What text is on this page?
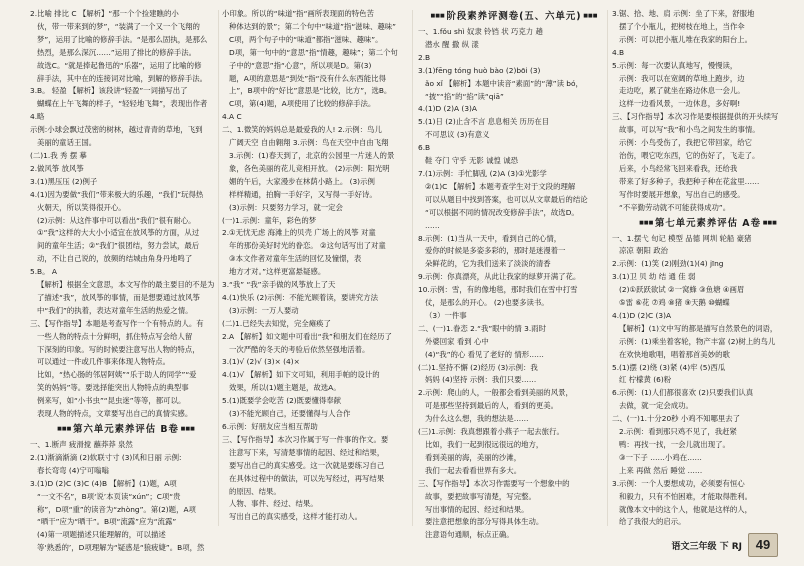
2.比喻 排比 C 【解析】“那一个个捡建瞧的小
伙，带一带来到的梦”，“装满了一个又一个飞翔的
梦”，运用了比喻的修辞手法。“是那么固执，是那么
热烈，是那么深沉……”运用了排比的修辞手法。
故选C。“就是捧起鲁迅的“乐器”，运用了比喻的修
辞手法，其中在的连接词对比喻，到解的修辞手法。
3.B。 轻盈 【解析】该段讲“轻盈”一词描写出了
蝴蝶在上午飞舞的样子，“轻轻地飞舞”，表现出作者
4.略
示例:小球会飘过茂密的树林，越过青青的草地，飞到
美丽的童话王国。
(二)1.我 秀 摆 摹
2.做风筝 放风筝
3.(1)黑压压 (2)例子
4.(1)因为要做“我们”带来极大的乐趣，“我们”玩得热
火朝天，所以笑得很开心。
(2)示例：从这件事中可以看出“我们”很有耐心。
①“我”这样的大大小小适宜在放风筝的方面，从过
间的童年生活；②“我们”很团结，努力尝试，最后
动，不让自己说的，放频的结城由角身丹地鸣了
5.B。 A
【解析】根据全文意思，本文写作的最主要目的不是为
了描述“我”，放风筝的事情，而是想要通过放风筝
中“我们”的执着，表达对童年生活的热爱之情。
三、【写作指导】本题是考查写作一个有特点的人。有
一些人物的特点十分鲜明，抓住特点写会给人留
下深刻的印象。写的时候要注意写出人物的特点，
可以通过一件或几件事来体现人物特点。
比如，“热心肠的邻居阿姨”“乐于助人的同学”“爱
笑的妈妈”等。要选择能突出人物特点的典型事
例来写，如“小书虫”“昆虫迷”等等，都可以。
表现人物的特点，文章要写出自己的真情实感。
■■■ 第六单元素养评估 B卷 ■■■
一、1.断声 疲滑搅 蘸莽莽 泉然
2.(1)渐滴渐滴 (2)软联寸寸 (3)风和日丽 示例:
春长弯弯 (4)宁可嗡嗡
3.(1)D (2)C (3)C (4)B 【解析】(1)题，A项
“一文不名”，B项‘说’本页读“xún”；C项“贵
称”，D项“重”的读音为“zhòng”。第(2)题，A项
“晒干”应为“晒干”。B项“流露”应为“流露”
(4)第一项题描述只能理解的，可以描述
等‘熟悉的’，D项理解为“疑惑是“狼疲婕”。B项，然
小印象。所以的“味道”指“画所表现面的特色苦
种体达到的景”；第二个句中“味道”指“滋味、趣味”
C项，两个句子中的“味道”都指“滋味、趣味”。
D项，第一句中的“意思”指“情趣，趣味”；第二个句
子中的“意思”指“心意”，所以项是D。第(3)
题，A项的意思是“到处”指“没有什么东西能比得
上”，B项中的“好比”意思是“比较，比方”，选B。
C项，第(4)题，A项使用了比较的修辞手法。
4.A C
二、1.微笑的妈妈总是最爱我的人! 2.示例：鸟儿
广阔天空 自由翱翔 3.示例：鸟在天空中自由飞翔
3.示例：(1)春天到了，北京的公园里一片迷人的景
象，各色美丽的花儿竞相开放。 (2)示例：阳光明
媚的午后，大家漫步在林荫小路上。 (3)示例
样样精通，拍胸一手好字，又写得一手好诗。
(3)示例：只要努力学习，就一定会
(一)1.示例：童年，彩色的梦
2.①无忧无虑 海滩上的贝壳 广场上的风筝 对童
年的那份美好时光的眷恋。 ②这句话写出了对童
③本文作者对童年生活的回忆及憧憬，表
地方才对。”这样更富悬疑感。
3.“我” “我”亲手做的风筝放上了天
4.(1)快乐 (2)示例：不能光顾着读，要讲究方法
(3)示例：一万人要动
(二)1.已经失去知觉，完全瘫痪了
2.A 【解析】如文题中可看出“我”和朋友们在经历了
一次严酷的冬天的考验后依然坚强地活着。
3.(1)√ (2)√ (3)× (4)×
4.(1)√ 【解析】如下文可知，利用手帕的设计的
效果，所以(1)题主题是，故选A。
5.(1)既要学会吃苦 (2)既要懂得奉献
(3)不能光顾自己，还要懂得与人合作
6.示例：好朋友应当相互帮助
三、【写作指导】本次习作属于写一件事的作文。要
注意写下来，写清楚事情的起因、经过和结果，
要写出自己的真实感受。这一次就是要练习自己
在具体过程中的做法，可以先写经过，再写结果
的原因、结果。
人物、事件、经过、结果。
写出自己的真实感受，这样才能打动人。
■■■ 阶段素养评测卷(五、六单元) ■■■
一、1.fǒu shì 奴隶 铃铛 状 巧克力 趟
潜水 醒 撒 纵 漾
2.B
3.(1)fēng tóng huò bào (2)bōi (3)
ǎo xǐ 【解析】本题中读音“素面”的“薄”读 bó，
“披”“掐”的“掐”读“qiā”
4.(1)D (2)A (3)A
5.(1)日 (2)止含不言 息息相关 历历在目
不可思议 (3)有意义
6.B
鞋 夺门 守乎 无影 诚惶 诚恐
7.(1)示例：手忙脚乱 (2)A (3)①光影学
②(1)C 【解析】本题考查学生对于文段的理解
可以从题目中找到答案，也可以从文章最后的结论
“可以根据不同的情况改变修辞手法”，故选D。
……
8.示例：(1)当从一天中，看到自己的心情，
爱你的时候是多姿多彩的，那时是迷漫着一
朵鲜花的，它为我们送来了淡淡的清香
9.示例：你真漂亮，从此让我家的绿萝开满了花。
10.示例：雪，有的像地毯，那时我们在雪中打雪
仗，是那么的开心。 (2)也要多读书。
（3）一件事
二、(一)1.眷恋 2.“我”眼中的情 3.雨时
外婆回家 看到 心中
(4)“我”的心 看见了老好的 情形……
(二)1.坚持不懈 (2)经历 (3)示例：我
妈妈 (4)坚持 示例：我们只要……
2.示例：爬山的人，一般都会看到美丽的风景，
可是那些坚持到最后的人，看到的更美。
为什么这么想，我的想法是……
(三)1.示例：我真想跟着小燕子一起去旅行。
比如，我们一起到很远很远的地方，
看到美丽的海，美丽的沙滩，
我们一起去看看世界有多大。
三、【写作指导】本次习作需要写一个想象中的
故事，要把故事写清楚，写完整。
写出事情的起因、经过和结果。
要注意把想象的部分写得具体生动。
注意语句通顺，标点正确。
3.锯、拾、地、肩 示例：坐了下来，舒服地
摆了个小瓶儿，把树枝在地上，当作伞
示例：可以把小瓶儿堆在我家的阳台上。
4.B
5.示例：每一次要认真地写，慢慢读，
示例：我可以在宽阔的草地上跑步，边
走边吃，累了就坐在路边休息一会儿。
这样一边看风景，一边休息，多好啊!
三、【习作指导】本次习作是要根据提供的开头续写
故事，可以写“我”和小鸟之间发生的事情。
示例：小鸟受伤了，我把它带回家，给它
治伤，喂它吃东西，它的伤好了，飞走了。
后来，小鸟经常飞回来看我，还给我
带来了好多种子，我把种子种在花盆里……
写作时要展开想象，写出自己的感受。
“不辛勤劳动就不可能获得成功”。
■■■ 第七单元素养评估 A卷 ■■■
一、1.摆弋 旬记 模型 品德 网圳 轮船 豪猪
凉凉 朝阳 政治
2.示例：(1)笑 (2)刚劲(1)(4) jīng
3.(1)卫 贝 幼 结 通 佳 弱
(2)①跃跃欲试 ②一窝蜂 ③鱼塘 ④画眉
⑤雷 ⑥花 ⑦鸡 ⑧猪 ⑨天鹅 ⑩蝴蝶
4.(1)D (2)C (3)A
【解析】(1)文中写的都是描写自然景色的词语，
示例：(1)乘坐着客轮，物产丰富 (2)树上的鸟儿
在欢快地歌唱，唱着那首美妙的歌
5.(1)摆 (2)绕 (3)紧 (4)牢 (5)西瓜
红 柠檬黄 (6)粉
6.示例：(1)人们都很喜欢 (2)只要我们认真
去做，就一定会成功。
二、(一)1.十分20秒 小鸡不知哪里去了
2.示例：看到那只鸡不见了，我赶紧
鸭：再找一找，一会儿就出现了。
③一下子 ……小鸡在……
上来 再做 然后 睡觉 ……
3.示例：一个人要想成功，必须要有恒心
和毅力，只有不怕困难，才能取得胜利。
就像本文中的这个人，他就是这样的人，
给了我很大的启示。
语文三年级 下 RJ	49
